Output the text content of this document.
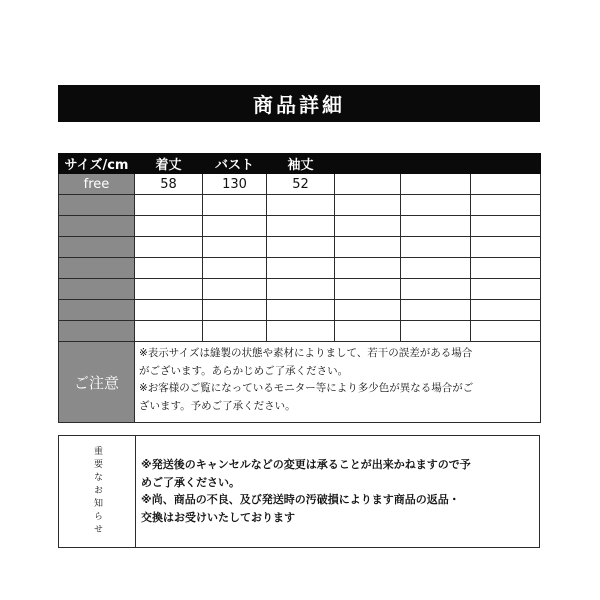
商品詳細
サイズ/cm	着丈	バスト	袖丈			
free	58	130	52			

ご注意	※表示サイズは縫製の状態や素材によりまして、若干の誤差がある場合
がございます。あらかじめご了承ください。
※お客様のご覧になっているモニター等により多少色が異なる場合がご
ざいます。予めご了承ください。					
重要なお知らせ	※発送後のキャンセルなどの変更は承ることが出来かねますので予
めご了承ください。
※尚、商品の不良、及び発送時の汚破損によります商品の返品・
交換はお受けいたしております
